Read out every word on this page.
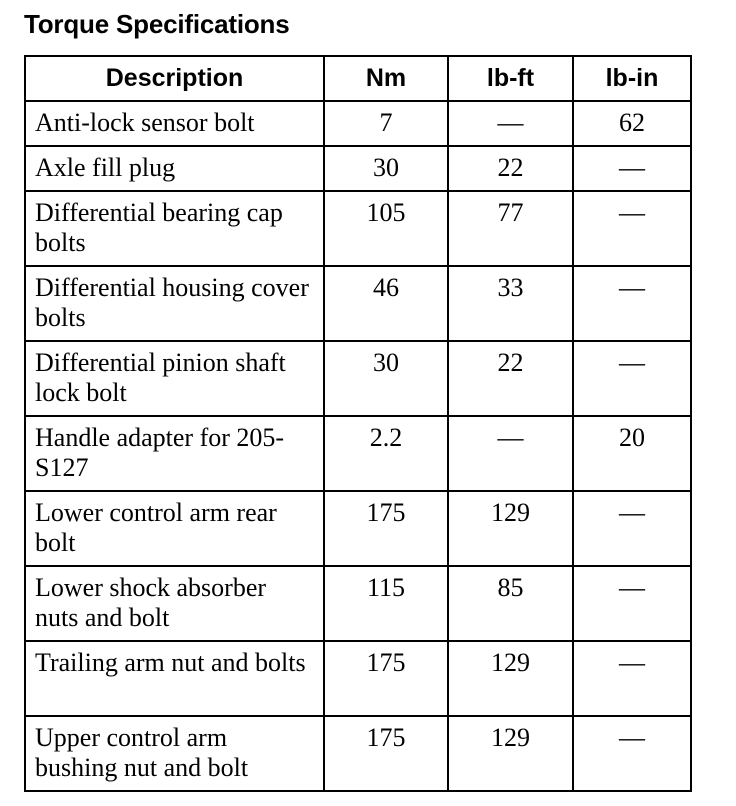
Torque Specifications
Description	Nm	lb-ft	lb-in
Anti-lock sensor bolt	7	—	62
Axle fill plug	30	22	—
Differential bearing cap bolts	105	77	—
Differential housing cover bolts	46	33	—
Differential pinion shaft lock bolt	30	22	—
Handle adapter for 205-S127	2.2	—	20
Lower control arm rear bolt	175	129	—
Lower shock absorber nuts and bolt	115	85	—
Trailing arm nut and bolts	175	129	—
Upper control arm bushing nut and bolt	175	129	—
